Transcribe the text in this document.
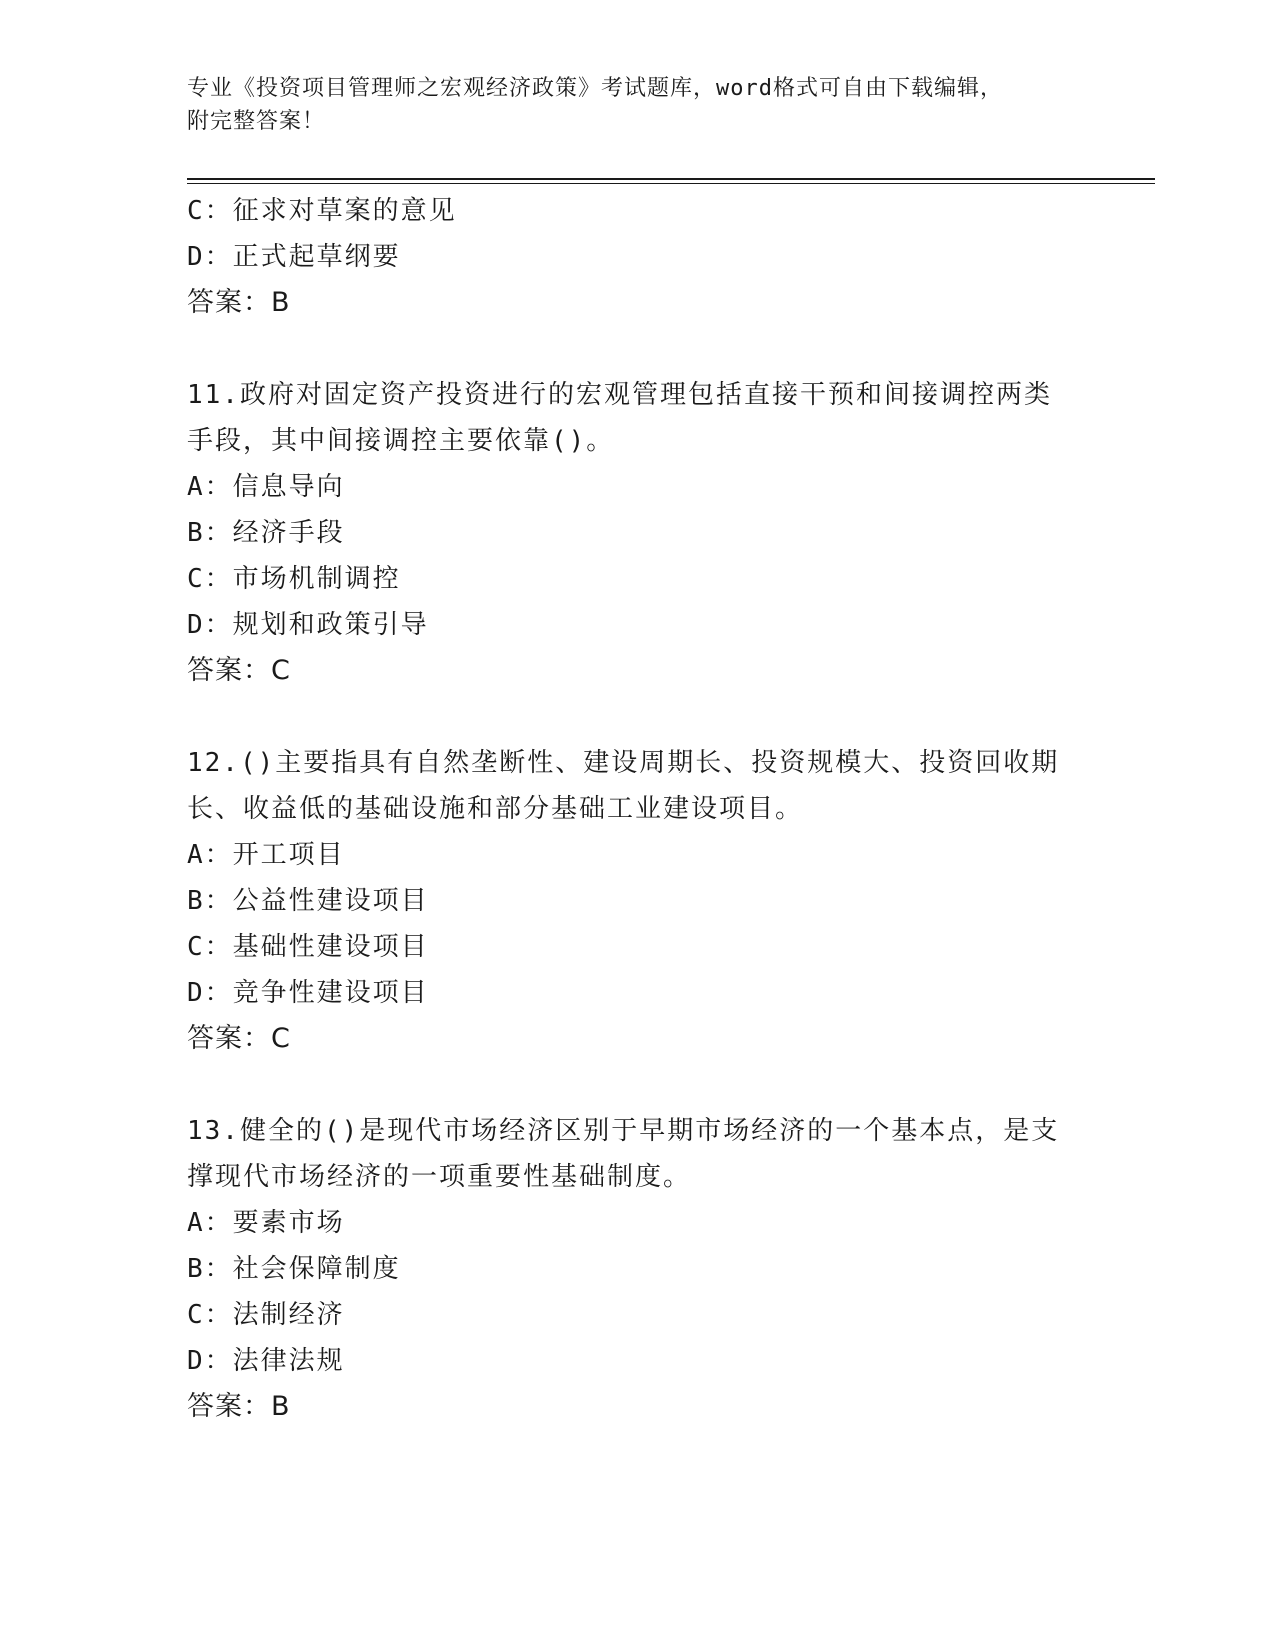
专业《投资项目管理师之宏观经济政策》考试题库，word格式可自由下载编辑，
附完整答案！
C：征求对草案的意见
D：正式起草纲要
答案：B
11.政府对固定资产投资进行的宏观管理包括直接干预和间接调控两类
手段，其中间接调控主要依靠()。
A：信息导向
B：经济手段
C：市场机制调控
D：规划和政策引导
答案：C
12.()主要指具有自然垄断性、建设周期长、投资规模大、投资回收期
长、收益低的基础设施和部分基础工业建设项目。
A：开工项目
B：公益性建设项目
C：基础性建设项目
D：竞争性建设项目
答案：C
13.健全的()是现代市场经济区别于早期市场经济的一个基本点，是支
撑现代市场经济的一项重要性基础制度。
A：要素市场
B：社会保障制度
C：法制经济
D：法律法规
答案：B
